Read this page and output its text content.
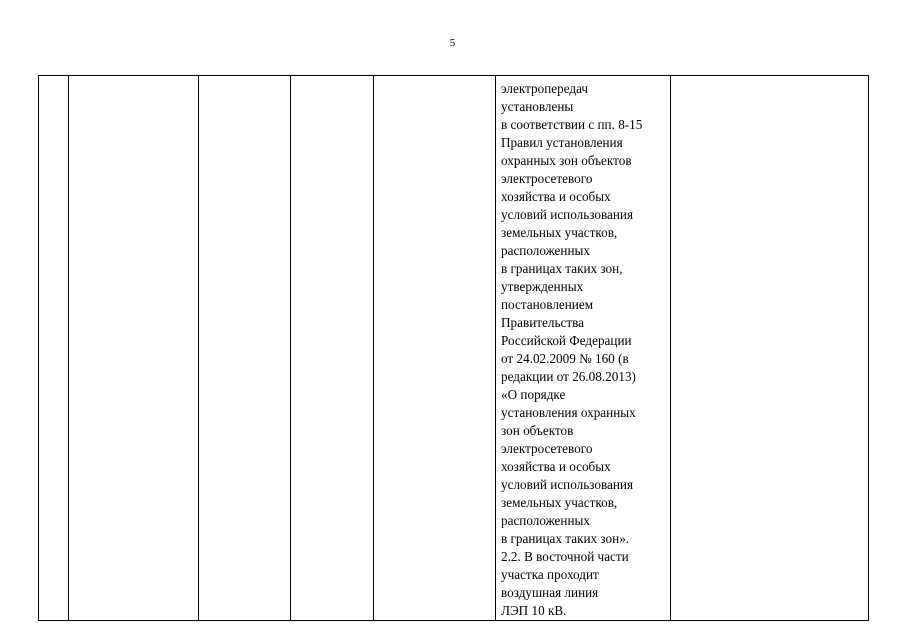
5

электропередач
установлены
в соответствии с пп. 8-15
Правил установления
охранных зон объектов
электросетевого
хозяйства и особых
условий использования
земельных участков,
расположенных
в границах таких зон,
утвержденных
постановлением
Правительства
Российской Федерации
от 24.02.2009 № 160 (в
редакции от 26.08.2013)
«О порядке
установления охранных
зон объектов
электросетевого
хозяйства и особых
условий использования
земельных участков,
расположенных
в границах таких зон».
2.2. В восточной части
участка проходит
воздушная линия
ЛЭП 10 кВ.
